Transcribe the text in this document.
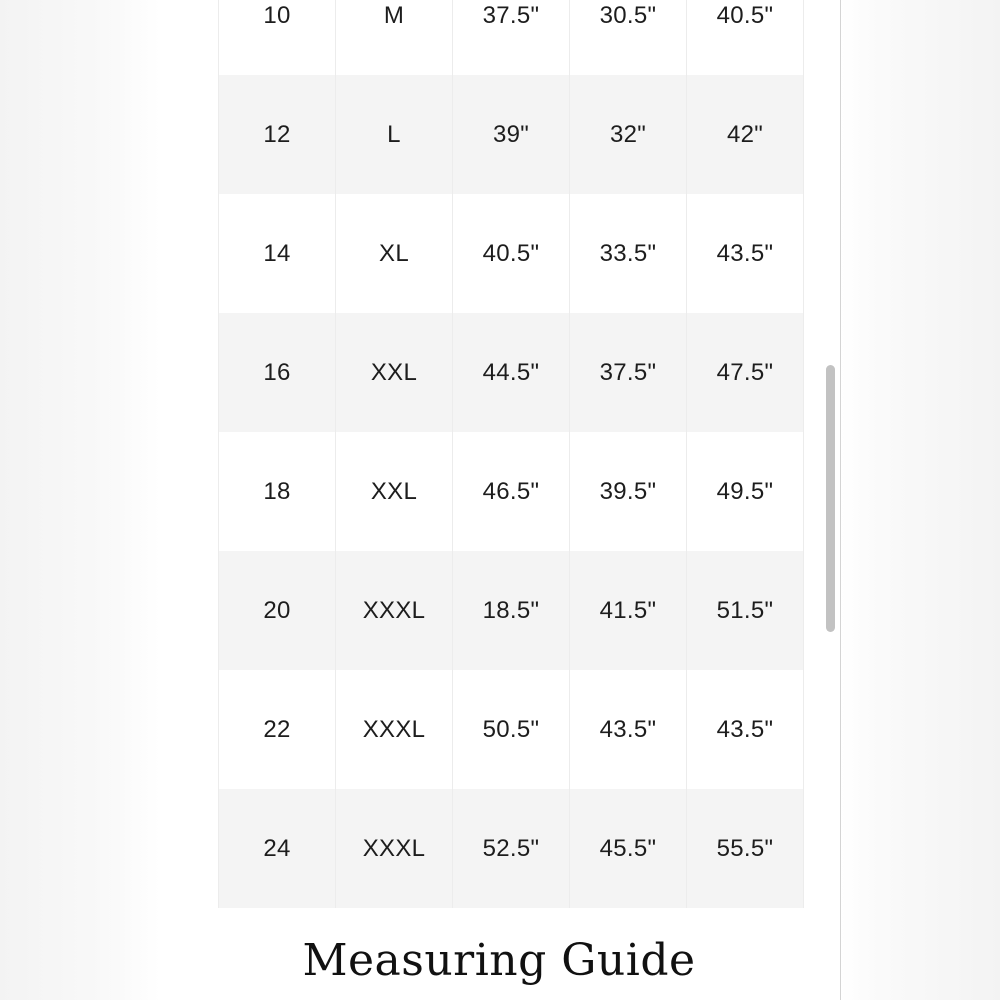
10	M	37.5"	30.5"	40.5"
12	L	39"	32"	42"
14	XL	40.5"	33.5"	43.5"
16	XXL	44.5"	37.5"	47.5"
18	XXL	46.5"	39.5"	49.5"
20	XXXL	18.5"	41.5"	51.5"
22	XXXL	50.5"	43.5"	43.5"
24	XXXL	52.5"	45.5"	55.5"
Measuring Guide
